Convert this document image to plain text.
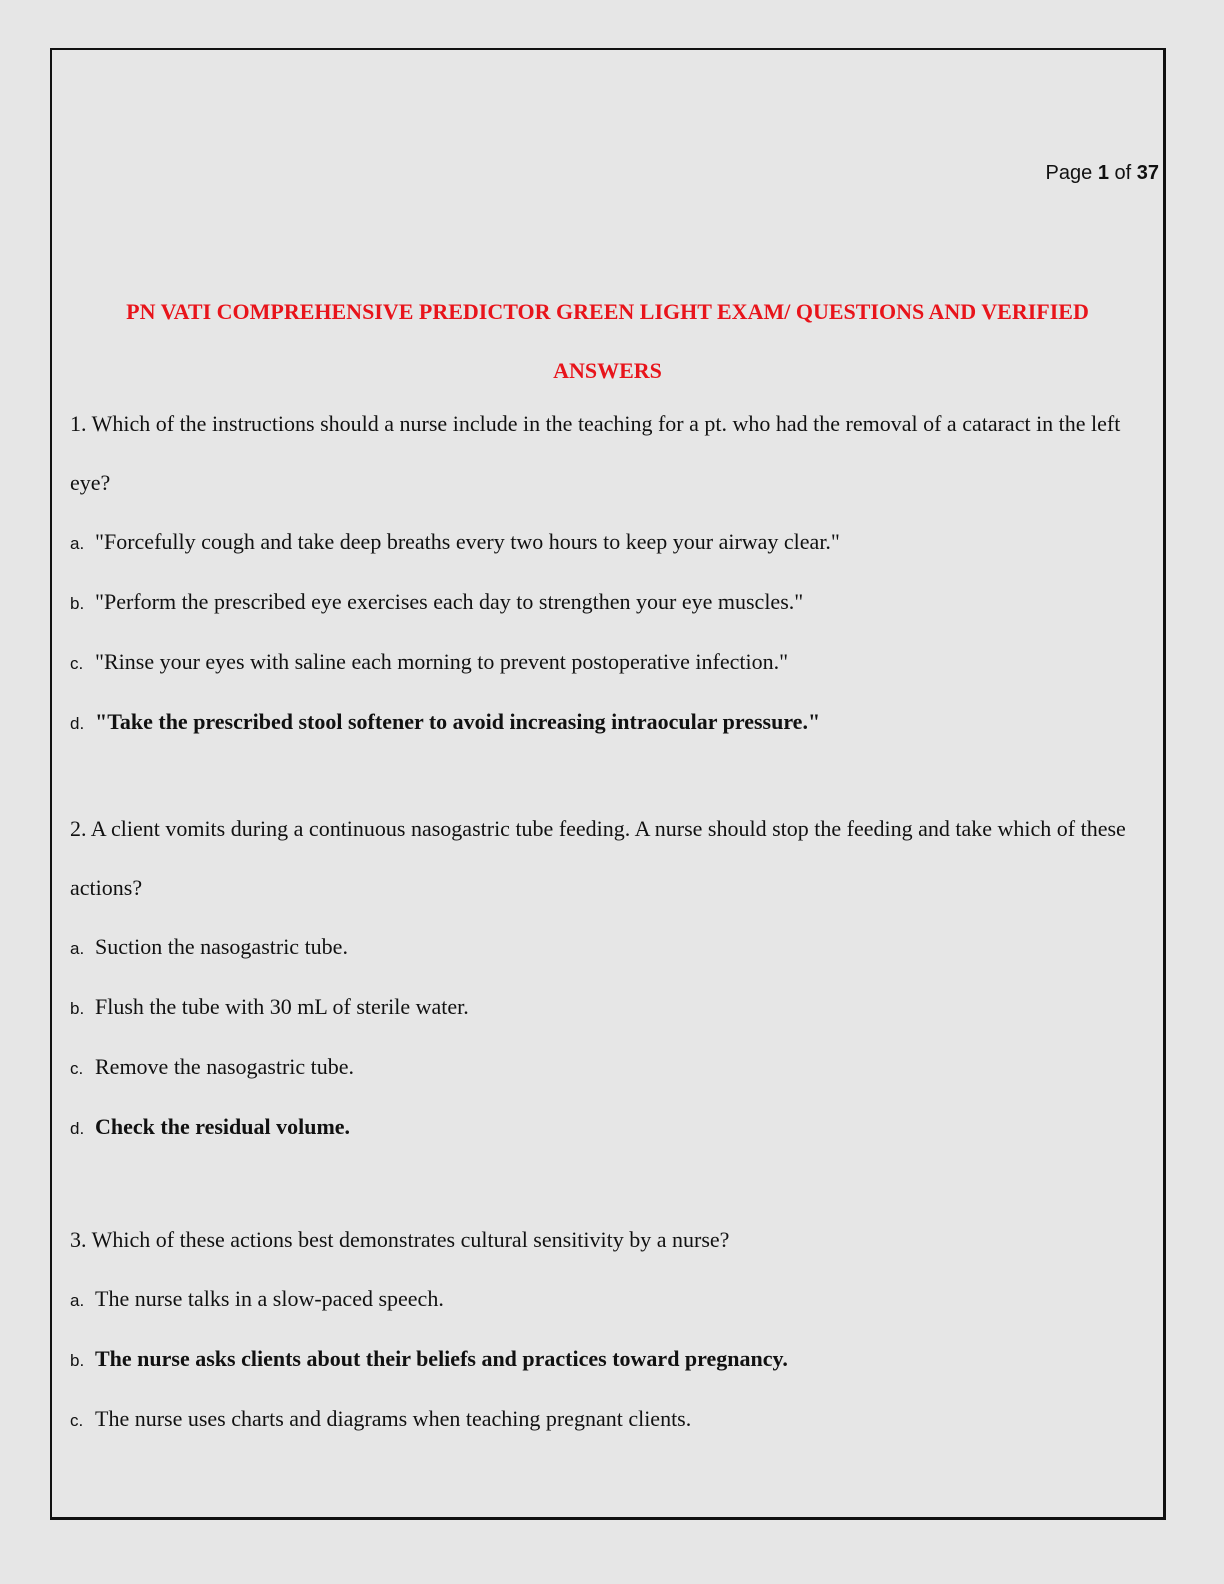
Page 1 of 37
PN VATI COMPREHENSIVE PREDICTOR GREEN LIGHT EXAM/ QUESTIONS AND VERIFIED ANSWERS

1. Which of the instructions should a nurse include in the teaching for a pt. who had the removal of a cataract in the left eye?

a. "Forcefully cough and take deep breaths every two hours to keep your airway clear."
b. "Perform the prescribed eye exercises each day to strengthen your eye muscles."
c. "Rinse your eyes with saline each morning to prevent postoperative infection."
d. "Take the prescribed stool softener to avoid increasing intraocular pressure."

2. A client vomits during a continuous nasogastric tube feeding. A nurse should stop the feeding and take which of these actions?

a. Suction the nasogastric tube.
b. Flush the tube with 30 mL of sterile water.
c. Remove the nasogastric tube.
d. Check the residual volume.

3. Which of these actions best demonstrates cultural sensitivity by a nurse?

a. The nurse talks in a slow-paced speech.
b. The nurse asks clients about their beliefs and practices toward pregnancy.
c. The nurse uses charts and diagrams when teaching pregnant clients.
